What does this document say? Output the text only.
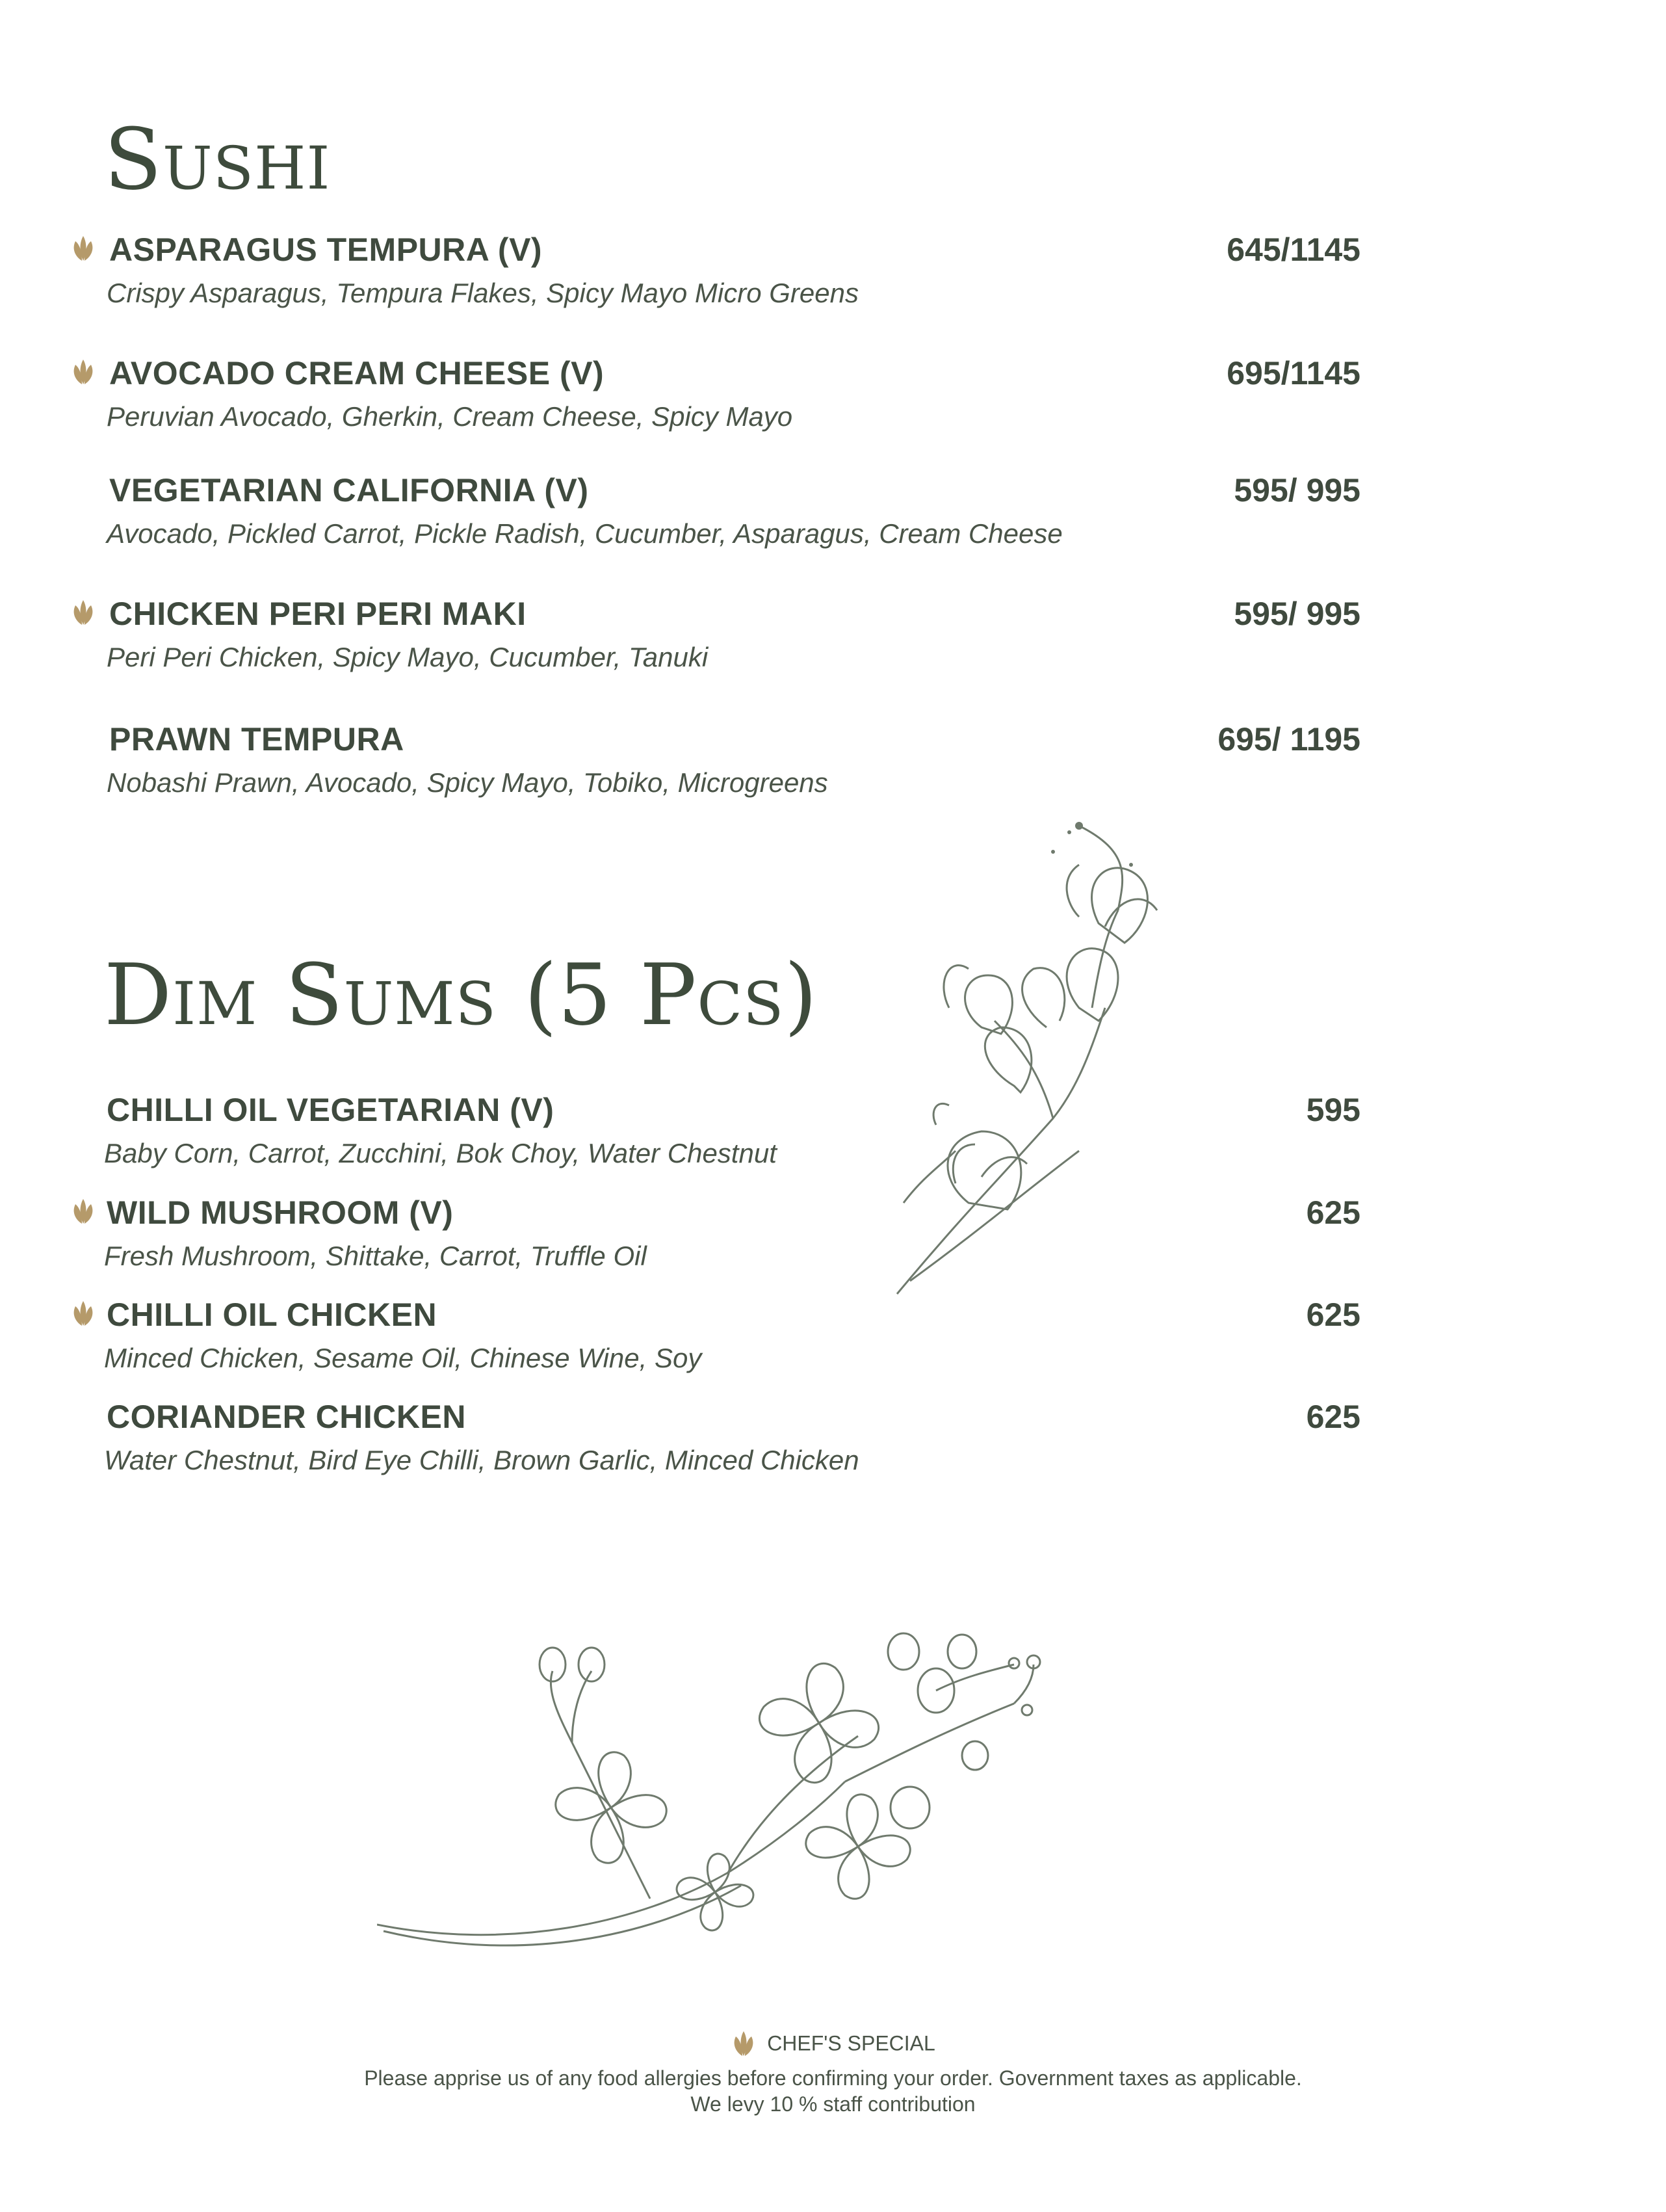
Sushi
Dim Sums (5 Pcs)
ASPARAGUS TEMPURA (V)	645/1145
Crispy Asparagus, Tempura Flakes, Spicy Mayo Micro Greens
AVOCADO CREAM CHEESE (V)	695/1145
Peruvian Avocado, Gherkin, Cream Cheese, Spicy Mayo
VEGETARIAN CALIFORNIA (V)	595/ 995
Avocado, Pickled Carrot, Pickle Radish, Cucumber, Asparagus, Cream Cheese
CHICKEN PERI PERI MAKI	595/ 995
Peri Peri Chicken, Spicy Mayo, Cucumber, Tanuki
PRAWN TEMPURA	695/ 1195
Nobashi Prawn, Avocado, Spicy Mayo, Tobiko, Microgreens
CHILLI OIL VEGETARIAN (V)	595
Baby Corn, Carrot, Zucchini, Bok Choy, Water Chestnut
WILD MUSHROOM (V)	625
Fresh Mushroom, Shittake, Carrot, Truffle Oil
CHILLI OIL CHICKEN	625
Minced Chicken, Sesame Oil, Chinese Wine, Soy
CORIANDER CHICKEN	625
Water Chestnut, Bird Eye Chilli, Brown Garlic, Minced Chicken
CHEF'S SPECIAL
Please apprise us of any food allergies before confirming your order. Government taxes as applicable.
We levy 10 % staff contribution
